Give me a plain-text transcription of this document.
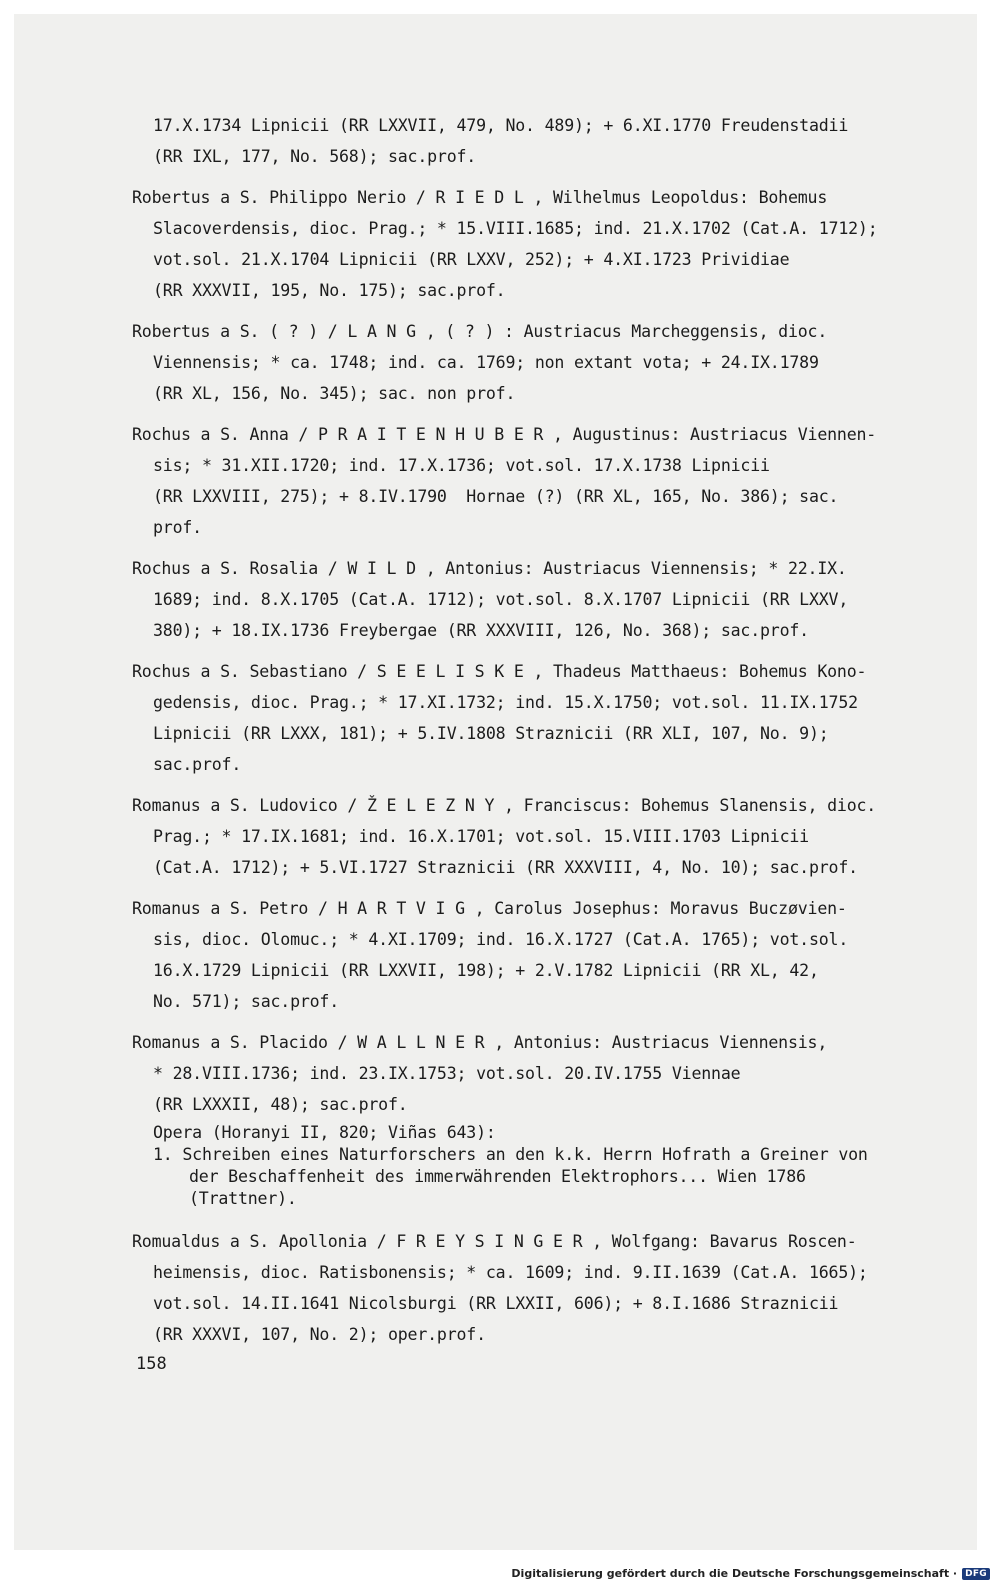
17.X.1734 Lipnicii (RR LXXVII, 479, No. 489); + 6.XI.1770 Freudenstadii
(RR IXL, 177, No. 568); sac.prof.
Robertus a S. Philippo Nerio / R I E D L , Wilhelmus Leopoldus: Bohemus
Slacoverdensis, dioc. Prag.; * 15.VIII.1685; ind. 21.X.1702 (Cat.A. 1712);
vot.sol. 21.X.1704 Lipnicii (RR LXXV, 252); + 4.XI.1723 Prividiae
(RR XXXVII, 195, No. 175); sac.prof.
Robertus a S. ( ? ) / L A N G , ( ? ) : Austriacus Marcheggensis, dioc.
Viennensis; * ca. 1748; ind. ca. 1769; non extant vota; + 24.IX.1789
(RR XL, 156, No. 345); sac. non prof.
Rochus a S. Anna / P R A I T E N H U B E R , Augustinus: Austriacus Viennen-
sis; * 31.XII.1720; ind. 17.X.1736; vot.sol. 17.X.1738 Lipnicii
(RR LXXVIII, 275); + 8.IV.1790  Hornae (?) (RR XL, 165, No. 386); sac.
prof.
Rochus a S. Rosalia / W I L D , Antonius: Austriacus Viennensis; * 22.IX.
1689; ind. 8.X.1705 (Cat.A. 1712); vot.sol. 8.X.1707 Lipnicii (RR LXXV,
380); + 18.IX.1736 Freybergae (RR XXXVIII, 126, No. 368); sac.prof.
Rochus a S. Sebastiano / S E E L I S K E , Thadeus Matthaeus: Bohemus Kono-
gedensis, dioc. Prag.; * 17.XI.1732; ind. 15.X.1750; vot.sol. 11.IX.1752
Lipnicii (RR LXXX, 181); + 5.IV.1808 Straznicii (RR XLI, 107, No. 9);
sac.prof.
Romanus a S. Ludovico / Ž E L E Z N Y , Franciscus: Bohemus Slanensis, dioc.
Prag.; * 17.IX.1681; ind. 16.X.1701; vot.sol. 15.VIII.1703 Lipnicii
(Cat.A. 1712); + 5.VI.1727 Straznicii (RR XXXVIII, 4, No. 10); sac.prof.
Romanus a S. Petro / H A R T V I G , Carolus Josephus: Moravus Buczøvien-
sis, dioc. Olomuc.; * 4.XI.1709; ind. 16.X.1727 (Cat.A. 1765); vot.sol.
16.X.1729 Lipnicii (RR LXXVII, 198); + 2.V.1782 Lipnicii (RR XL, 42,
No. 571); sac.prof.
Romanus a S. Placido / W A L L N E R , Antonius: Austriacus Viennensis,
* 28.VIII.1736; ind. 23.IX.1753; vot.sol. 20.IV.1755 Viennae
(RR LXXXII, 48); sac.prof.
Opera (Horanyi II, 820; Viñas 643):
1. Schreiben eines Naturforschers an den k.k. Herrn Hofrath a Greiner von
der Beschaffenheit des immerwährenden Elektrophors... Wien 1786
(Trattner).
Romualdus a S. Apollonia / F R E Y S I N G E R , Wolfgang: Bavarus Roscen-
heimensis, dioc. Ratisbonensis; * ca. 1609; ind. 9.II.1639 (Cat.A. 1665);
vot.sol. 14.II.1641 Nicolsburgi (RR LXXII, 606); + 8.I.1686 Straznicii
(RR XXXVI, 107, No. 2); oper.prof.
158
Digitalisierung gefördert durch die Deutsche Forschungsgemeinschaft · DFG
